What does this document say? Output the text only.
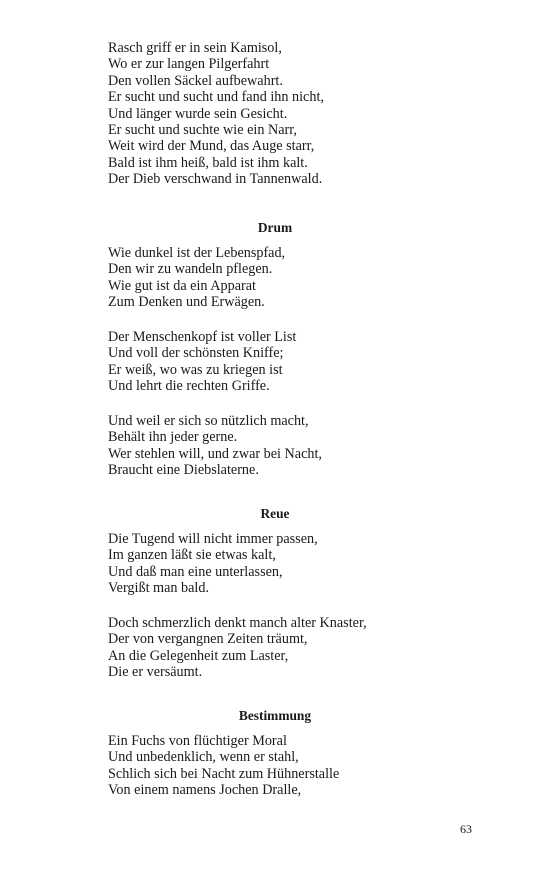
Rasch griff er in sein Kamisol,
Wo er zur langen Pilgerfahrt
Den vollen Säckel aufbewahrt.
Er sucht und sucht und fand ihn nicht,
Und länger wurde sein Gesicht.
Er sucht und suchte wie ein Narr,
Weit wird der Mund, das Auge starr,
Bald ist ihm heiß, bald ist ihm kalt.
Der Dieb verschwand in Tannenwald.
Drum
Wie dunkel ist der Lebenspfad,
Den wir zu wandeln pflegen.
Wie gut ist da ein Apparat
Zum Denken und Erwägen.
Der Menschenkopf ist voller List
Und voll der schönsten Kniffe;
Er weiß, wo was zu kriegen ist
Und lehrt die rechten Griffe.
Und weil er sich so nützlich macht,
Behält ihn jeder gerne.
Wer stehlen will, und zwar bei Nacht,
Braucht eine Diebslaterne.
Reue
Die Tugend will nicht immer passen,
Im ganzen läßt sie etwas kalt,
Und daß man eine unterlassen,
Vergißt man bald.
Doch schmerzlich denkt manch alter Knaster,
Der von vergangnen Zeiten träumt,
An die Gelegenheit zum Laster,
Die er versäumt.
Bestimmung
Ein Fuchs von flüchtiger Moral
Und unbedenklich, wenn er stahl,
Schlich sich bei Nacht zum Hühnerstalle
Von einem namens Jochen Dralle,
63
